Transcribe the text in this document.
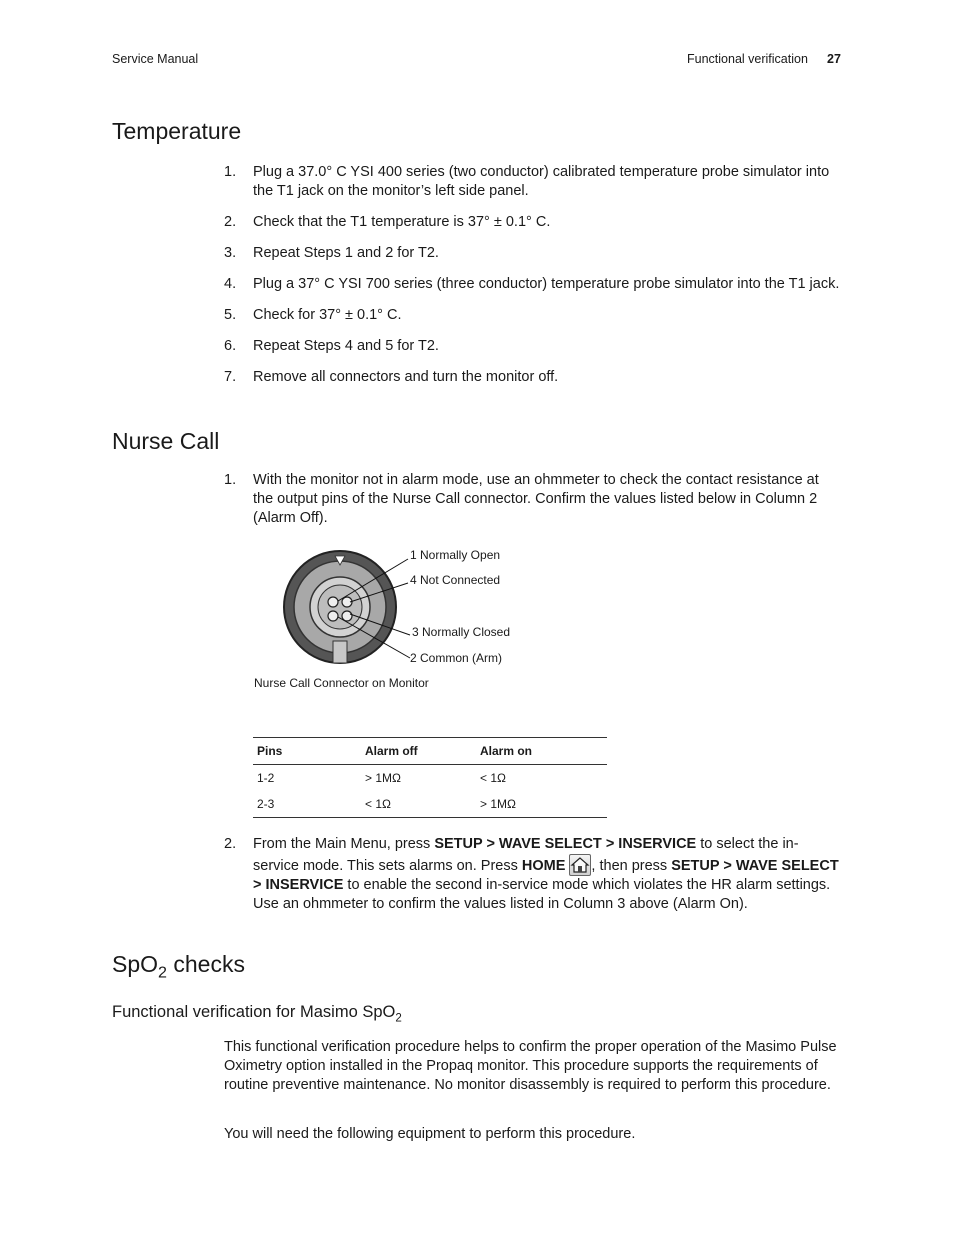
Service Manual	Functional verification 27
Temperature
1. Plug a 37.0° C YSI 400 series (two conductor) calibrated temperature probe simulator into the T1 jack on the monitor’s left side panel.
2. Check that the T1 temperature is 37° ± 0.1° C.
3. Repeat Steps 1 and 2 for T2.
4. Plug a 37° C YSI 700 series (three conductor) temperature probe simulator into the T1 jack.
5. Check for 37° ± 0.1° C.
6. Repeat Steps 4 and 5 for T2.
7. Remove all connectors and turn the monitor off.
Nurse Call
1. With the monitor not in alarm mode, use an ohmmeter to check the contact resistance at the output pins of the Nurse Call connector. Confirm the values listed below in Column 2 (Alarm Off).
1 Normally Open
4 Not Connected
3 Normally Closed
2 Common (Arm)
Nurse Call Connector on Monitor
Pins	Alarm off	Alarm on
1-2	> 1MΩ	< 1Ω
2-3	< 1Ω	> 1MΩ
2. From the Main Menu, press SETUP > WAVE SELECT > INSERVICE to select the in-service mode. This sets alarms on. Press HOME , then press SETUP > WAVE SELECT > INSERVICE to enable the second in-service mode which violates the HR alarm settings. Use an ohmmeter to confirm the values listed in Column 3 above (Alarm On).
SpO$_2$ checks
Functional verification for Masimo SpO$_2$

This functional verification procedure helps to confirm the proper operation of the Masimo Pulse Oximetry option installed in the Propaq monitor. This procedure supports the requirements of routine preventive maintenance. No monitor disassembly is required to perform this procedure.

You will need the following equipment to perform this procedure.
